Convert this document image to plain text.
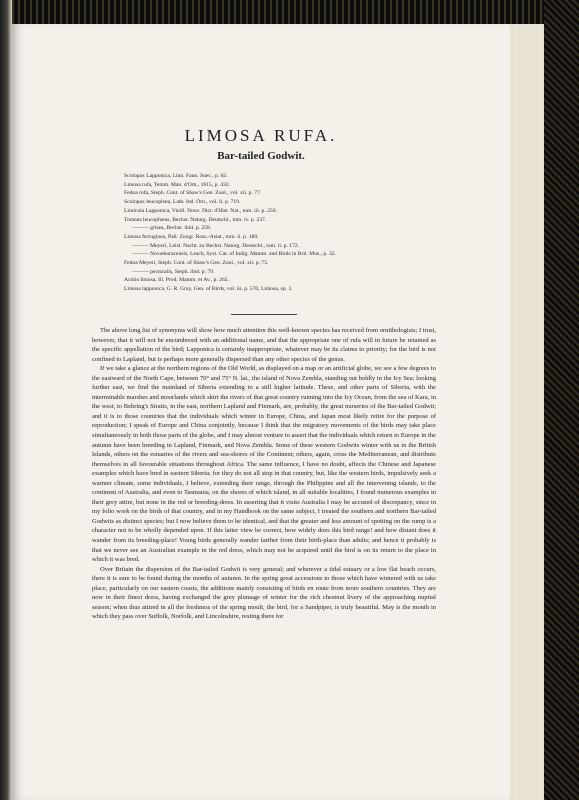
LIMOSA RUFA.
Bar-tailed Godwit.
Scolopax Lapponica, Linn. Faun. Suec., p. 62.
Limosa rufa, Temm. Man. d'Orn., 1815, p. 432.
Fedoa rufa, Steph. Cont. of Shaw's Gen. Zool., vol. xii. p. 77.
Scolopax leucophæa, Lath. Ind. Orn., vol. ii. p. 719.
Limicula Lapponica, Vieill. Nouv. Dict. d'Hist. Nat., tom. iii. p. 250.
Totanus leucophæus, Bechst. Naturg. Deutschl., tom. iv. p. 237.
——— grisea, Bechst. ibid. p. 258.
Limosa ferruginea, Pall. Zoogr. Ross.-Asiat., tom. ii. p. 180.
——— Meyeri, Leisl. Nacht. zu Bechst. Naturg. Deutschl., tom. ii. p. 172.
——— Novæboracensis, Leach, Syst. Cat. of Indig. Mamm. and Birds in Brit. Mus., p. 32.
Fedoa Meyeri, Steph. Cont. of Shaw's Gen. Zool., vol. xii. p. 75.
——— pectoralis, Steph. ibid. p. 79.
Actitis limosa, Ill. Prod. Mamm. et Av., p. 262.
Limosa lapponica, G. R. Gray, Gen. of Birds, vol. iii. p. 570, Limosa, sp. 3.

The above long list of synonyms will show how much attention this well-known species has received from ornithologists; I trust, however, that it will not be encumbered with an additional name, and that the appropriate one of rufa will in future be retained as the specific appellation of the bird; Lapponica is certainly inappropriate, whatever may be its claims to priority; for the bird is not confined to Lapland, but is perhaps more generally dispersed than any other species of the genus.

If we take a glance at the northern regions of the Old World, as displayed on a map or an artificial globe, we see a few degrees to the eastward of the North Cape, between 70° and 75° N. lat., the island of Nova Zembla, standing out boldly in the Icy Sea; looking further east, we find the mainland of Siberia extending to a still higher latitude. These, and other parts of Siberia, with the interminable marshes and moorlands which skirt the rivers of that great country running into the Icy Ocean, from the sea of Kara, in the west, to Behring's Straits, in the east, northern Lapland and Finmark, are, probably, the great nurseries of the Bar-tailed Godwit; and it is to those countries that the individuals which winter in Europe, China, and Japan most likely retire for the purpose of reproduction; I speak of Europe and China conjointly, because I think that the migratory movements of the birds may take place simultaneously in both those parts of the globe, and I may almost venture to assert that the individuals which return to Europe in the autumn have been breeding in Lapland, Finmark, and Nova Zembla. Some of these western Godwits winter with us in the British Islands, others on the estuaries of the rivers and sea-shores of the Continent; others, again, cross the Mediterranean, and distribute themselves in all favourable situations throughout Africa. The same influence, I have no doubt, affects the Chinese and Japanese examples which have bred in eastern Siberia; for they do not all stop in that country, but, like the western birds, impulsively seek a warmer climate, some individuals, I believe, extending their range, through the Philippine and all the intervening islands, to the continent of Australia, and even to Tasmania, on the shores of which island, in all suitable localities, I found numerous examples in their grey attire, but none in the red or breeding-dress. In asserting that it visits Australia I may be accused of discrepancy, since in my folio work on the birds of that country, and in my Handbook on the same subject, I treated the southern and northern Bar-tailed Godwits as distinct species; but I now believe them to be identical, and that the greater and less amount of spotting on the rump is a character not to be wholly depended upon. If this latter view be correct, how widely does this bird range! and how distant does it wander from its breeding-place! Young birds generally wander farther from their birth-place than adults; and hence it probably is that we never see an Australian example in the red dress, which may not be acquired until the bird is on its return to the place in which it was bred.

Over Britain the dispersion of the Bar-tailed Godwit is very general; and wherever a tidal estuary or a low flat beach occurs, there it is sure to be found during the months of autumn. In the spring great accessions to those which have wintered with us take place, particularly on our eastern coasts, the additions mainly consisting of birds en route from more southern countries. They are now in their finest dress, having exchanged the grey plumage of winter for the rich chestnut livery of the approaching nuptial season; when thus attired in all the freshness of the spring moult, the bird, for a Sandpiper, is truly beautiful. May is the month in which they pass over Suffolk, Norfolk, and Lincolnshire, resting there for
